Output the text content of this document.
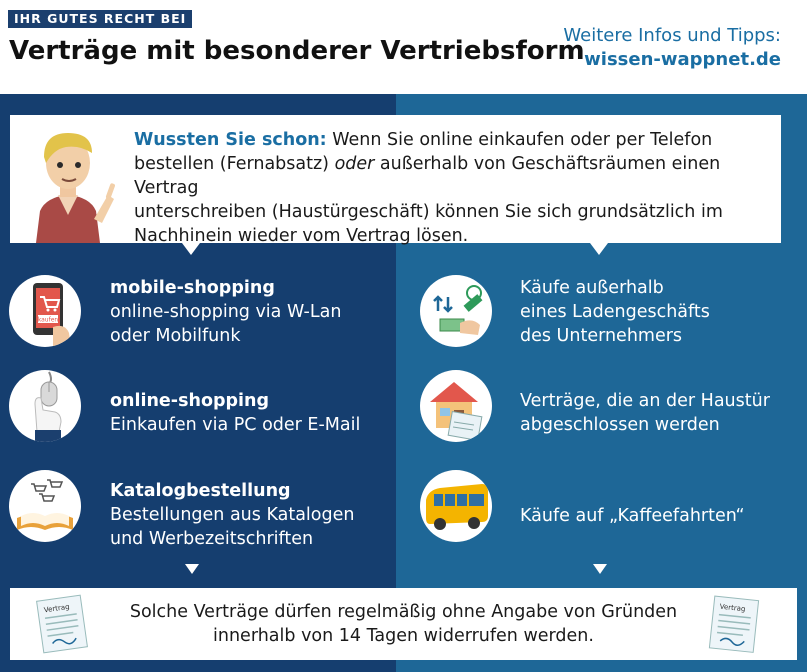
IHR GUTES RECHT BEI
Verträge mit besonderer Vertriebsform
Weitere Infos und Tipps:
wissen-wappnet.de
Wussten Sie schon: Wenn Sie online einkaufen oder per Telefon
bestellen (Fernabsatz) oder außerhalb von Geschäftsräumen einen Vertrag
unterschreiben (Haustürgeschäft) können Sie sich grundsätzlich im
Nachhinein wieder vom Vertrag lösen.
kaufen
mobile-shopping
online-shopping via W-Lan
oder Mobilfunk
online-shopping
Einkaufen via PC oder E-Mail
Katalogbestellung
Bestellungen aus Katalogen
und Werbezeitschriften
Käufe außerhalb
eines Ladengeschäfts
des Unternehmers
Verträge, die an der Haustür
abgeschlossen werden
Käufe auf „Kaffeefahrten“
Vertrag	Solche Verträge dürfen regelmäßig ohne Angabe von Gründen
innerhalb von 14 Tagen widerrufen werden.
Vertrag
